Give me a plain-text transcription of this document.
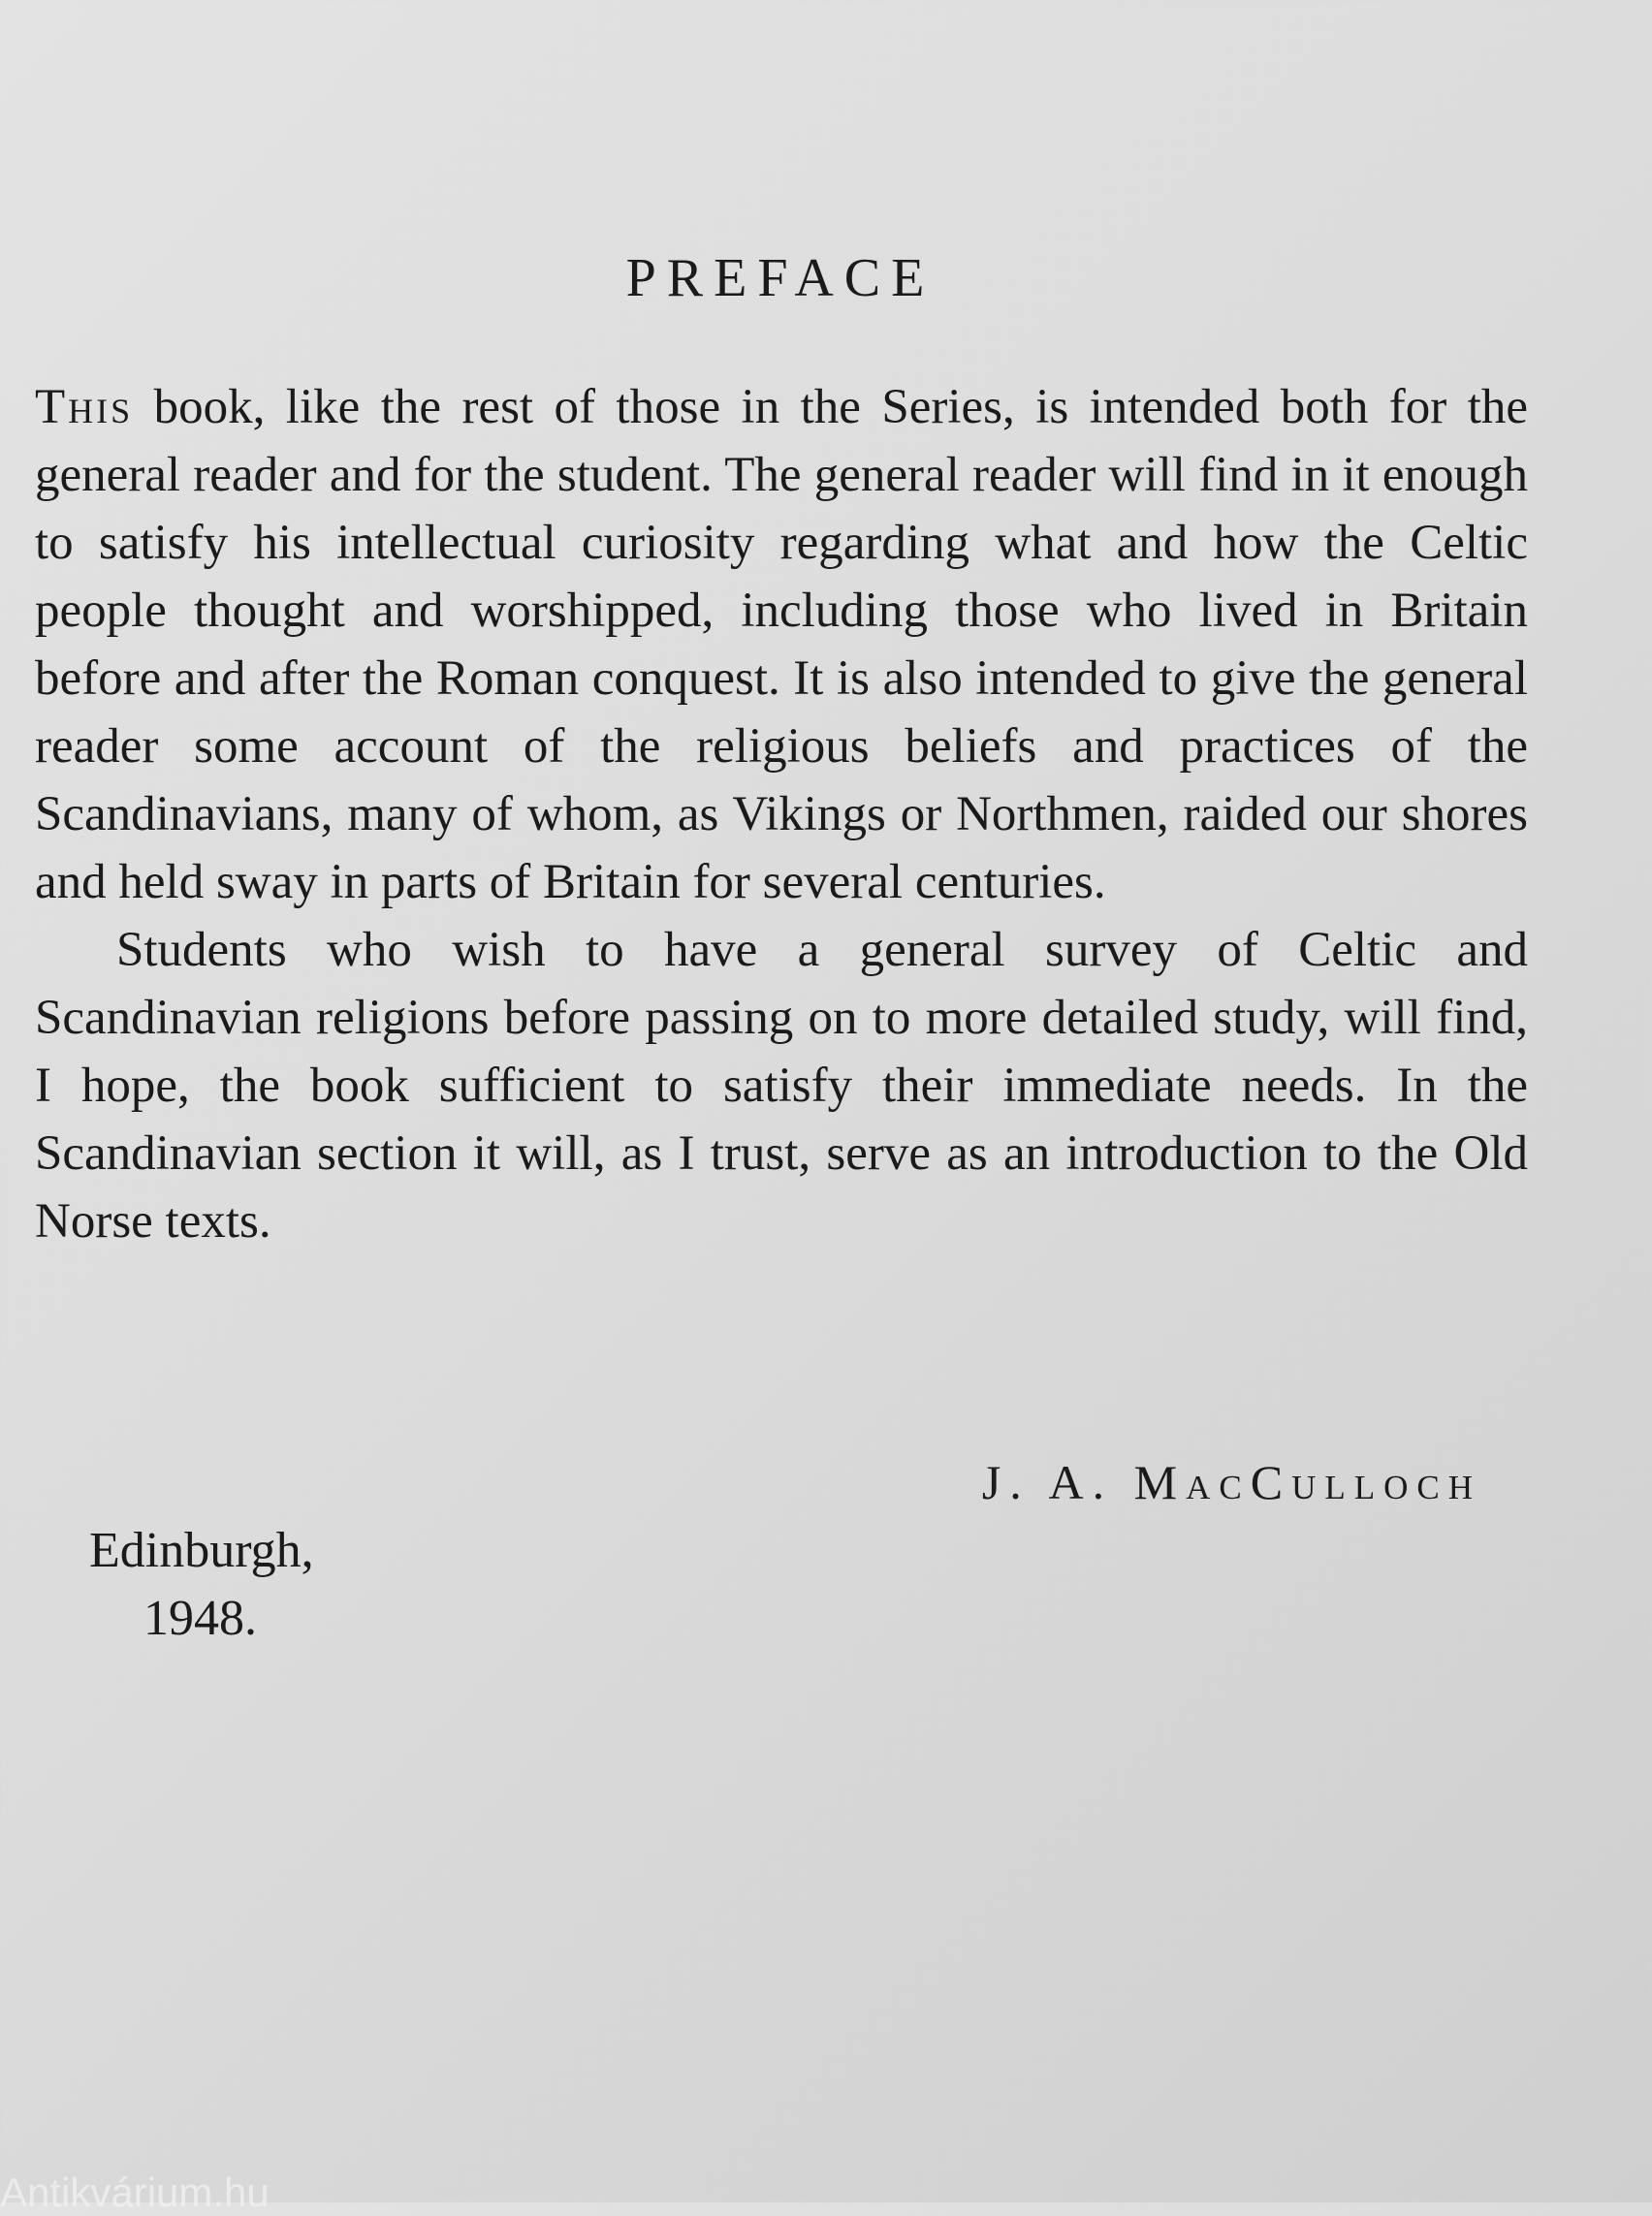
PREFACE

This book, like the rest of those in the Series, is intended both for the general reader and for the student. The general reader will find in it enough to satisfy his intellectual curiosity regarding what and how the Celtic people thought and worshipped, including those who lived in Britain before and after the Roman conquest. It is also intended to give the general reader some account of the religious beliefs and practices of the Scandinavians, many of whom, as Vikings or Northmen, raided our shores and held sway in parts of Britain for several centuries.

Students who wish to have a general survey of Celtic and Scandinavian religions before passing on to more detailed study, will find, I hope, the book sufficient to satisfy their immediate needs. In the Scandinavian section it will, as I trust, serve as an introduction to the Old Norse texts.

J. A. MacCulloch

Edinburgh,
1948.

Antikvárium.hu
